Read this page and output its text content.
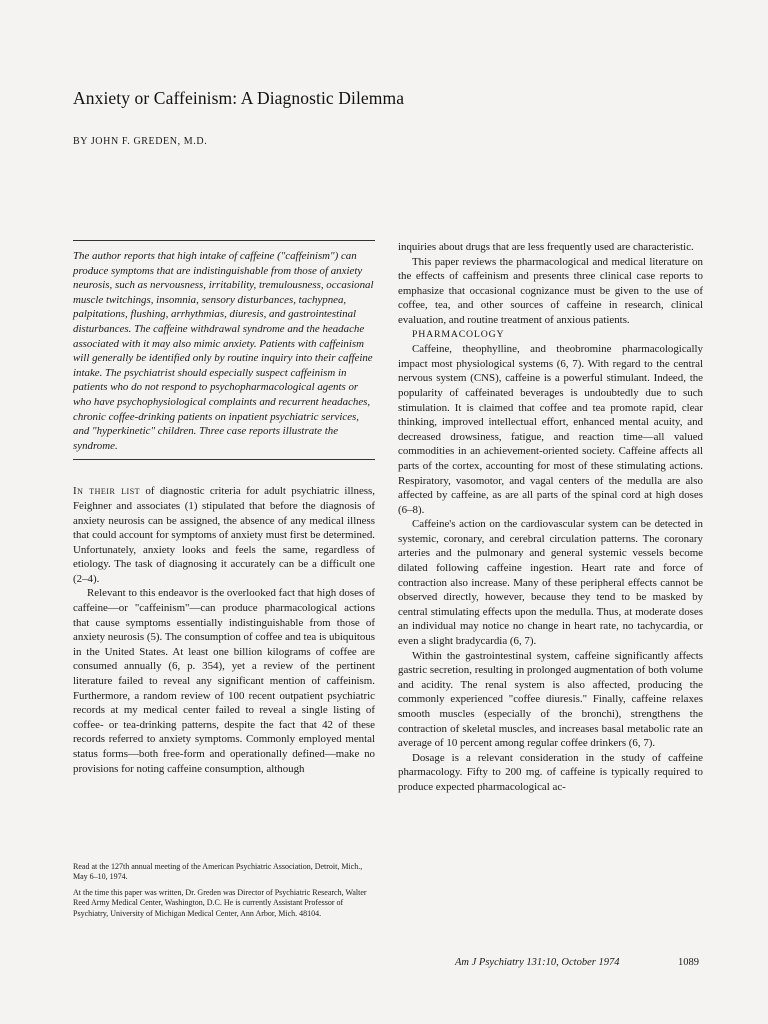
Anxiety or Caffeinism: A Diagnostic Dilemma
BY JOHN F. GREDEN, M.D.
The author reports that high intake of caffeine ("caffeinism") can produce symptoms that are indistinguishable from those of anxiety neurosis, such as nervousness, irritability, tremulousness, occasional muscle twitchings, insomnia, sensory disturbances, tachypnea, palpitations, flushing, arrhythmias, diuresis, and gastrointestinal disturbances. The caffeine withdrawal syndrome and the headache associated with it may also mimic anxiety. Patients with caffeinism will generally be identified only by routine inquiry into their caffeine intake. The psychiatrist should especially suspect caffeinism in patients who do not respond to psychopharmacological agents or who have psychophysiological complaints and recurrent headaches, chronic coffee-drinking patients on inpatient psychiatric services, and "hyperkinetic" children. Three case reports illustrate the syndrome.

In their list of diagnostic criteria for adult psychiatric illness, Feighner and associates (1) stipulated that before the diagnosis of anxiety neurosis can be assigned, the absence of any medical illness that could account for symptoms of anxiety must first be determined. Unfortunately, anxiety looks and feels the same, regardless of etiology. The task of diagnosing it accurately can be a difficult one (2–4).

Relevant to this endeavor is the overlooked fact that high doses of caffeine—or "caffeinism"—can produce pharmacological actions that cause symptoms essentially indistinguishable from those of anxiety neurosis (5). The consumption of coffee and tea is ubiquitous in the United States. At least one billion kilograms of coffee are consumed annually (6, p. 354), yet a review of the pertinent literature failed to reveal any significant mention of caffeinism. Furthermore, a random review of 100 recent outpatient psychiatric records at my medical center failed to reveal a single listing of coffee- or tea-drinking patterns, despite the fact that 42 of these records referred to anxiety symptoms. Commonly employed mental status forms—both free-form and operationally defined—make no provisions for noting caffeine consumption, although

Read at the 127th annual meeting of the American Psychiatric Association, Detroit, Mich., May 6–10, 1974.

At the time this paper was written, Dr. Greden was Director of Psychiatric Research, Walter Reed Army Medical Center, Washington, D.C. He is currently Assistant Professor of Psychiatry, University of Michigan Medical Center, Ann Arbor, Mich. 48104.

inquiries about drugs that are less frequently used are characteristic.

This paper reviews the pharmacological and medical literature on the effects of caffeinism and presents three clinical case reports to emphasize that occasional cognizance must be given to the use of coffee, tea, and other sources of caffeine in research, clinical evaluation, and routine treatment of anxious patients.

PHARMACOLOGY

Caffeine, theophylline, and theobromine pharmacologically impact most physiological systems (6, 7). With regard to the central nervous system (CNS), caffeine is a powerful stimulant. Indeed, the popularity of caffeinated beverages is undoubtedly due to such stimulation. It is claimed that coffee and tea promote rapid, clear thinking, improved intellectual effort, enhanced mental acuity, and decreased drowsiness, fatigue, and reaction time—all valued commodities in an achievement-oriented society. Caffeine affects all parts of the cortex, accounting for most of these stimulating actions. Respiratory, vasomotor, and vagal centers of the medulla are also affected by caffeine, as are all parts of the spinal cord at high doses (6–8).

Caffeine's action on the cardiovascular system can be detected in systemic, coronary, and cerebral circulation patterns. The coronary arteries and the pulmonary and general systemic vessels become dilated following caffeine ingestion. Heart rate and force of contraction also increase. Many of these peripheral effects cannot be observed directly, however, because they tend to be masked by central stimulating effects upon the medulla. Thus, at moderate doses an individual may notice no change in heart rate, no tachycardia, or even a slight bradycardia (6, 7).

Within the gastrointestinal system, caffeine significantly affects gastric secretion, resulting in prolonged augmentation of both volume and acidity. The renal system is also affected, producing the commonly experienced "coffee diuresis." Finally, caffeine relaxes smooth muscles (especially of the bronchi), strengthens the contraction of skeletal muscles, and increases basal metabolic rate an average of 10 percent among regular coffee drinkers (6, 7).

Dosage is a relevant consideration in the study of caffeine pharmacology. Fifty to 200 mg. of caffeine is typically required to produce expected pharmacological ac-

Am J Psychiatry 131:10, October 1974	1089
